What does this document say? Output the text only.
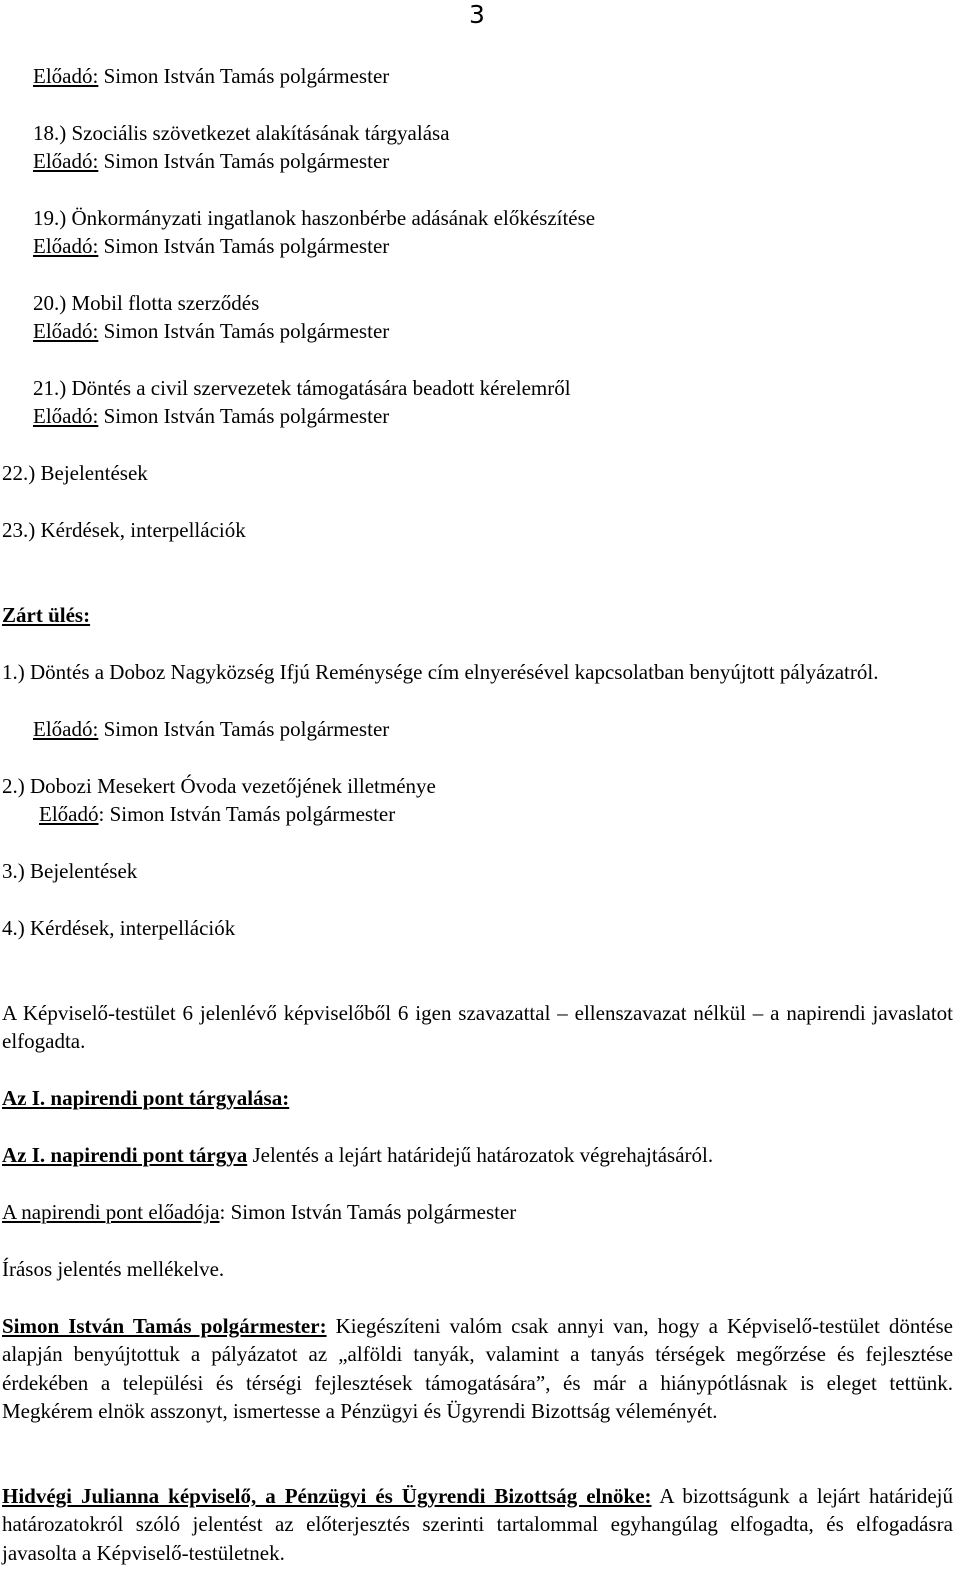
3
Előadó: Simon István Tamás polgármester
18.) Szociális szövetkezet alakításának tárgyalása
Előadó: Simon István Tamás polgármester
19.) Önkormányzati ingatlanok haszonbérbe adásának előkészítése
Előadó: Simon István Tamás polgármester
20.) Mobil flotta szerződés
Előadó: Simon István Tamás polgármester
21.) Döntés a civil szervezetek támogatására beadott kérelemről
Előadó: Simon István Tamás polgármester
22.) Bejelentések
23.) Kérdések, interpellációk
Zárt ülés:
1.) Döntés a Doboz Nagyközség Ifjú Reménysége cím elnyerésével kapcsolatban benyújtott pályázatról.
Előadó: Simon István Tamás polgármester
2.) Dobozi Mesekert Óvoda vezetőjének illetménye
Előadó: Simon István Tamás polgármester
3.) Bejelentések
4.) Kérdések, interpellációk
A Képviselő-testület 6 jelenlévő képviselőből 6 igen szavazattal – ellenszavazat nélkül – a napirendi javaslatot elfogadta.
Az I. napirendi pont tárgyalása:
Az I. napirendi pont tárgya Jelentés a lejárt határidejű határozatok végrehajtásáról.
A napirendi pont előadója: Simon István Tamás polgármester
Írásos jelentés mellékelve.
Simon István Tamás polgármester: Kiegészíteni valóm csak annyi van, hogy a Képviselő-testület döntése alapján benyújtottuk a pályázatot az „alföldi tanyák, valamint a tanyás térségek megőrzése és fejlesztése érdekében a települési és térségi fejlesztések támogatására”, és már a hiánypótlásnak is eleget tettünk. Megkérem elnök asszonyt, ismertesse a Pénzügyi és Ügyrendi Bizottság véleményét.
Hidvégi Julianna képviselő, a Pénzügyi és Ügyrendi Bizottság elnöke: A bizottságunk a lejárt határidejű határozatokról szóló jelentést az előterjesztés szerinti tartalommal egyhangúlag elfogadta, és elfogadásra javasolta a Képviselő-testületnek.
